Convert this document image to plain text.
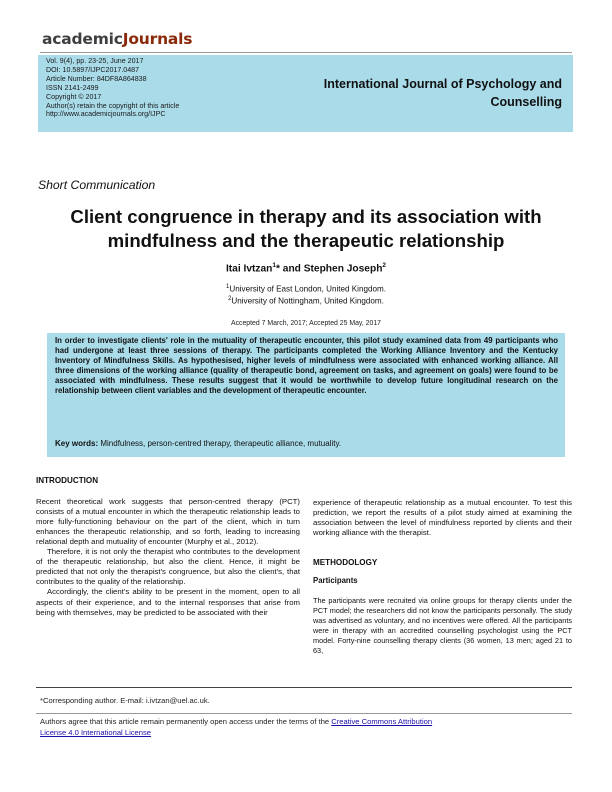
academicJournals
Vol. 9(4), pp. 23-25, June 2017
DOI: 10.5897/IJPC2017.0487
Article Number: 84DF8A864838
ISSN 2141-2499
Copyright © 2017
Author(s) retain the copyright of this article
http://www.academicjournals.org/IJPC
International Journal of Psychology and
Counselling
Short Communication
Client congruence in therapy and its association with
mindfulness and the therapeutic relationship
Itai Ivtzan$^1$* and Stephen Joseph$^2$
$^1$University of East London, United Kingdom.
$^2$University of Nottingham, United Kingdom.
Accepted 7 March, 2017; Accepted 25 May, 2017
In order to investigate clients' role in the mutuality of therapeutic encounter, this pilot study examined data from 49 participants who had undergone at least three sessions of therapy. The participants completed the Working Alliance Inventory and the Kentucky Inventory of Mindfulness Skills. As hypothesised, higher levels of mindfulness were associated with enhanced working alliance. All three dimensions of the working alliance (quality of therapeutic bond, agreement on tasks, and agreement on goals) were found to be associated with mindfulness. These results suggest that it would be worthwhile to develop future longitudinal research on the relationship between client variables and the development of therapeutic encounter.
Key words: Mindfulness, person-centred therapy, therapeutic alliance, mutuality.
INTRODUCTION
Recent theoretical work suggests that person-centred therapy (PCT) consists of a mutual encounter in which the therapeutic relationship leads to more fully-functioning behaviour on the part of the client, which in turn enhances the therapeutic relationship, and so forth, leading to increasing relational depth and mutuality of encounter (Murphy et al., 2012).
Therefore, it is not only the therapist who contributes to the development of the therapeutic relationship, but also the client. Hence, it might be predicted that not only the therapist's congruence, but also the client's, that contributes to the quality of the relationship.
Accordingly, the client's ability to be present in the moment, open to all aspects of their experience, and to the internal responses that arise from being with themselves, may be predicted to be associated with their
experience of therapeutic relationship as a mutual encounter. To test this prediction, we report the results of a pilot study aimed at examining the association between the level of mindfulness reported by clients and their working alliance with the therapist.
METHODOLOGY
Participants
The participants were recruited via online groups for therapy clients under the PCT model; the researchers did not know the participants personally. The study was advertised as voluntary, and no incentives were offered. All the participants were in therapy with an accredited counselling psychologist using the PCT model. Forty-nine counselling therapy clients (36 women, 13 men; aged 21 to 63,
*Corresponding author. E-mail: i.ivtzan@uel.ac.uk.
Authors agree that this article remain permanently open access under the terms of the Creative Commons Attribution
License 4.0 International License
